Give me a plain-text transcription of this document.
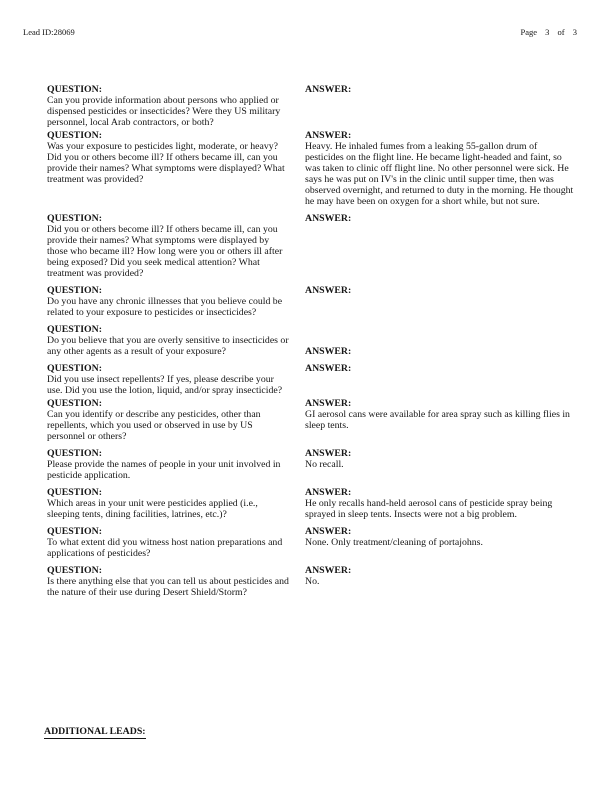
Lead ID:28069	Page 3 of 3
QUESTION:
Can you provide information about persons who applied or dispensed pesticides or insecticides? Were they US military personnel, local Arab contractors, or both?
ANSWER:
QUESTION:
Was your exposure to pesticides light, moderate, or heavy? Did you or others become ill? If others became ill, can you provide their names? What symptoms were displayed? What treatment was provided?
ANSWER:
Heavy. He inhaled fumes from a leaking 55-gallon drum of pesticides on the flight line. He became light-headed and faint, so was taken to clinic off flight line. No other personnel were sick. He says he was put on IV's in the clinic until supper time, then was observed overnight, and returned to duty in the morning. He thought he may have been on oxygen for a short while, but not sure.
QUESTION:
Did you or others become ill? If others became ill, can you provide their names? What symptoms were displayed by those who became ill? How long were you or others ill after being exposed? Did you seek medical attention? What treatment was provided?
ANSWER:
QUESTION:
Do you have any chronic illnesses that you believe could be related to your exposure to pesticides or insecticides?
ANSWER:
QUESTION:
Do you believe that you are overly sensitive to insecticides or any other agents as a result of your exposure?	ANSWER:
QUESTION:
Did you use insect repellents? If yes, please describe your use. Did you use the lotion, liquid, and/or spray insecticide?
ANSWER:
QUESTION:
Can you identify or describe any pesticides, other than repellents, which you used or observed in use by US personnel or others?
ANSWER:
GI aerosol cans were available for area spray such as killing flies in sleep tents.
QUESTION:
Please provide the names of people in your unit involved in pesticide application.
ANSWER:
No recall.
QUESTION:
Which areas in your unit were pesticides applied (i.e., sleeping tents, dining facilities, latrines, etc.)?
ANSWER:
He only recalls hand-held aerosol cans of pesticide spray being sprayed in sleep tents. Insects were not a big problem.
QUESTION:
To what extent did you witness host nation preparations and applications of pesticides?
ANSWER:
None. Only treatment/cleaning of portajohns.
QUESTION:
Is there anything else that you can tell us about pesticides and the nature of their use during Desert Shield/Storm?
ANSWER:
No.
ADDITIONAL LEADS:
